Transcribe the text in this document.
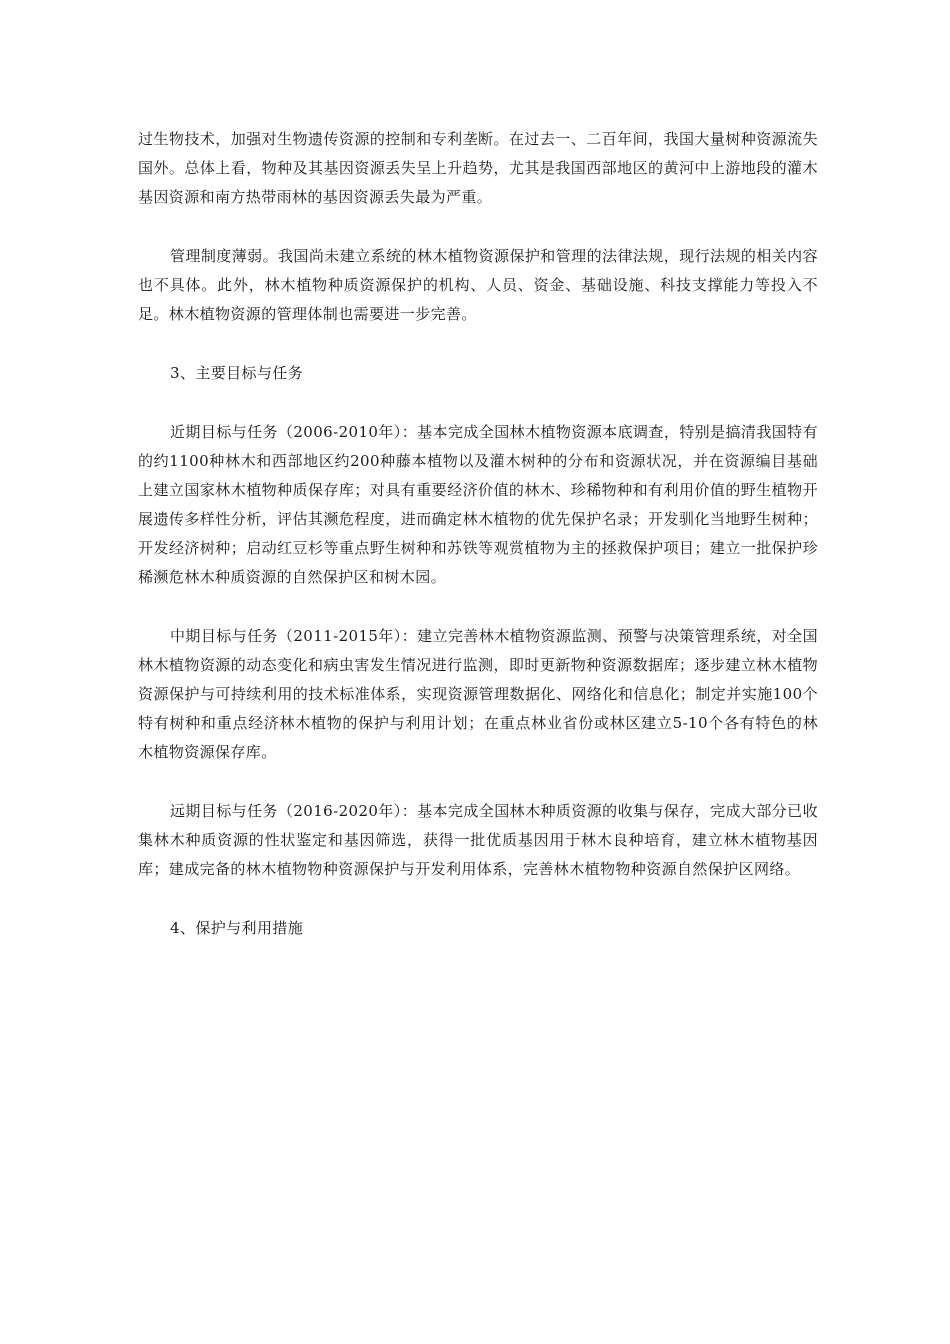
过生物技术，加强对生物遗传资源的控制和专利垄断。在过去一、二百年间，我国大量树种资源流失国外。总体上看，物种及其基因资源丢失呈上升趋势，尤其是我国西部地区的黄河中上游地段的灌木基因资源和南方热带雨林的基因资源丢失最为严重。

管理制度薄弱。我国尚未建立系统的林木植物资源保护和管理的法律法规，现行法规的相关内容也不具体。此外，林木植物种质资源保护的机构、人员、资金、基础设施、科技支撑能力等投入不足。林木植物资源的管理体制也需要进一步完善。

3、主要目标与任务

近期目标与任务（2006-2010年）：基本完成全国林木植物资源本底调查，特别是搞清我国特有的约1100种林木和西部地区约200种藤本植物以及灌木树种的分布和资源状况，并在资源编目基础上建立国家林木植物种质保存库；对具有重要经济价值的林木、珍稀物种和有利用价值的野生植物开展遗传多样性分析，评估其濒危程度，进而确定林木植物的优先保护名录；开发驯化当地野生树种；开发经济树种；启动红豆杉等重点野生树种和苏铁等观赏植物为主的拯救保护项目；建立一批保护珍稀濒危林木种质资源的自然保护区和树木园。

中期目标与任务（2011-2015年）：建立完善林木植物资源监测、预警与决策管理系统，对全国林木植物资源的动态变化和病虫害发生情况进行监测，即时更新物种资源数据库；逐步建立林木植物资源保护与可持续利用的技术标准体系，实现资源管理数据化、网络化和信息化；制定并实施100个特有树种和重点经济林木植物的保护与利用计划；在重点林业省份或林区建立5-10个各有特色的林木植物资源保存库。

远期目标与任务（2016-2020年）：基本完成全国林木种质资源的收集与保存，完成大部分已收集林木种质资源的性状鉴定和基因筛选，获得一批优质基因用于林木良种培育，建立林木植物基因库；建成完备的林木植物物种资源保护与开发利用体系，完善林木植物物种资源自然保护区网络。

4、保护与利用措施
